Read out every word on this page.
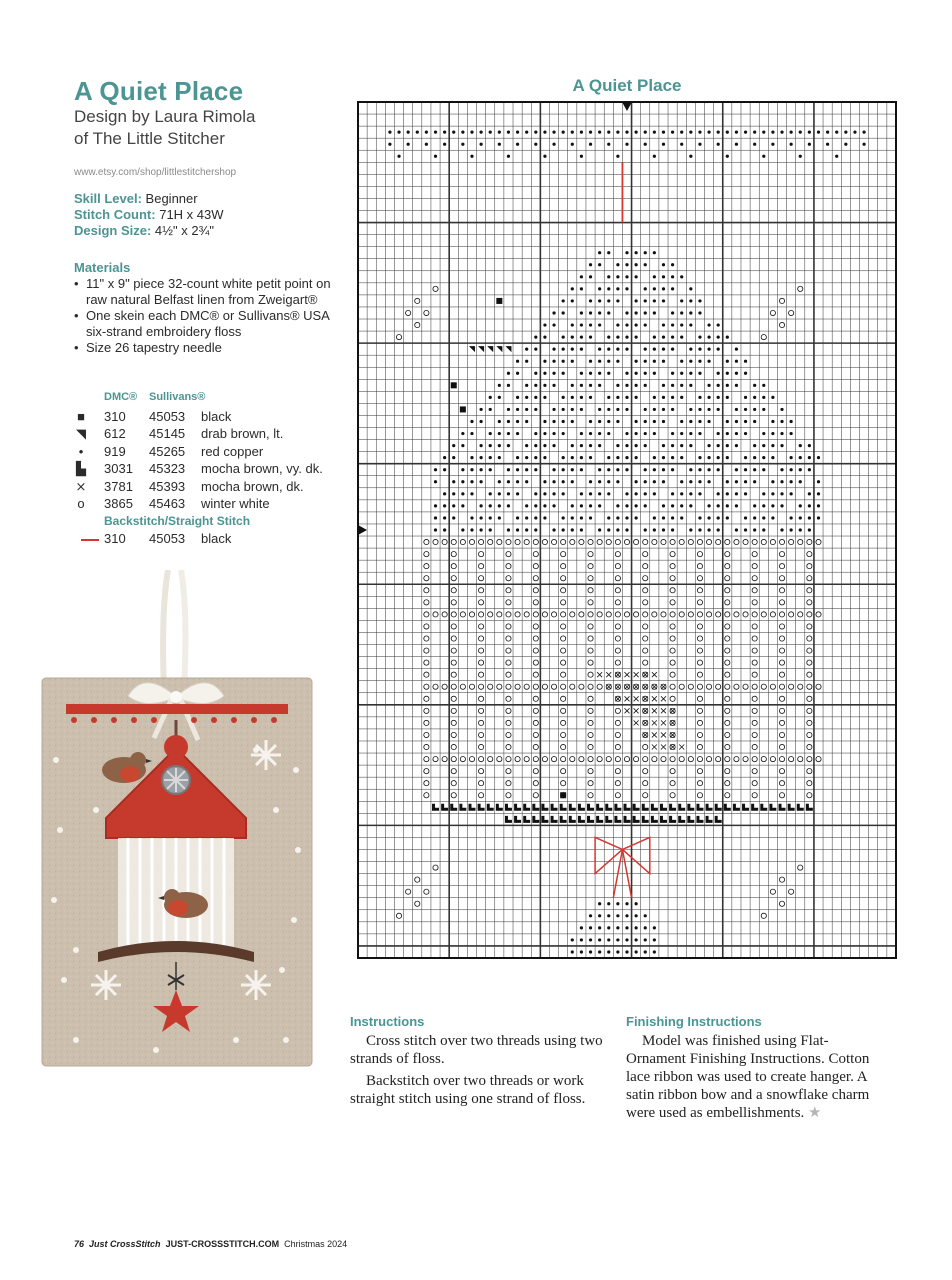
A Quiet Place
Design by Laura Rimola
of The Little Stitcher
www.etsy.com/shop/littlestitchershop
Skill Level: Beginner
Stitch Count: 71H x 43W
Design Size: 4½" x 2¾"
Materials
• 11" x 9" piece 32-count white petit point on raw natural Belfast linen from Zweigart®
• One skein each DMC® or Sullivans® USA six-strand embroidery floss
• Size 26 tapestry needle
DMC® Sullivans®
■ 310 45053 black
◥ 612 45145 drab brown, lt.
•	919 45265 red copper
▙ 3031 45323 mocha brown, vy. dk.
⨯ 3781 45393 mocha brown, dk.
o 3865 45463 winter white
Backstitch/Straight Stitch
310 45053 black
A Quiet Place
Instructions
Cross stitch over two threads using two strands of floss.
Backstitch over two threads or work straight stitch using one strand of floss.
Finishing Instructions
Model was finished using Flat-Ornament Finishing Instructions. Cotton lace ribbon was used to create hanger. A satin ribbon bow and a snowflake charm were used as embellishments. ★
76 Just CrossStitch JUST-CROSSSTITCH.COM Christmas 2024
